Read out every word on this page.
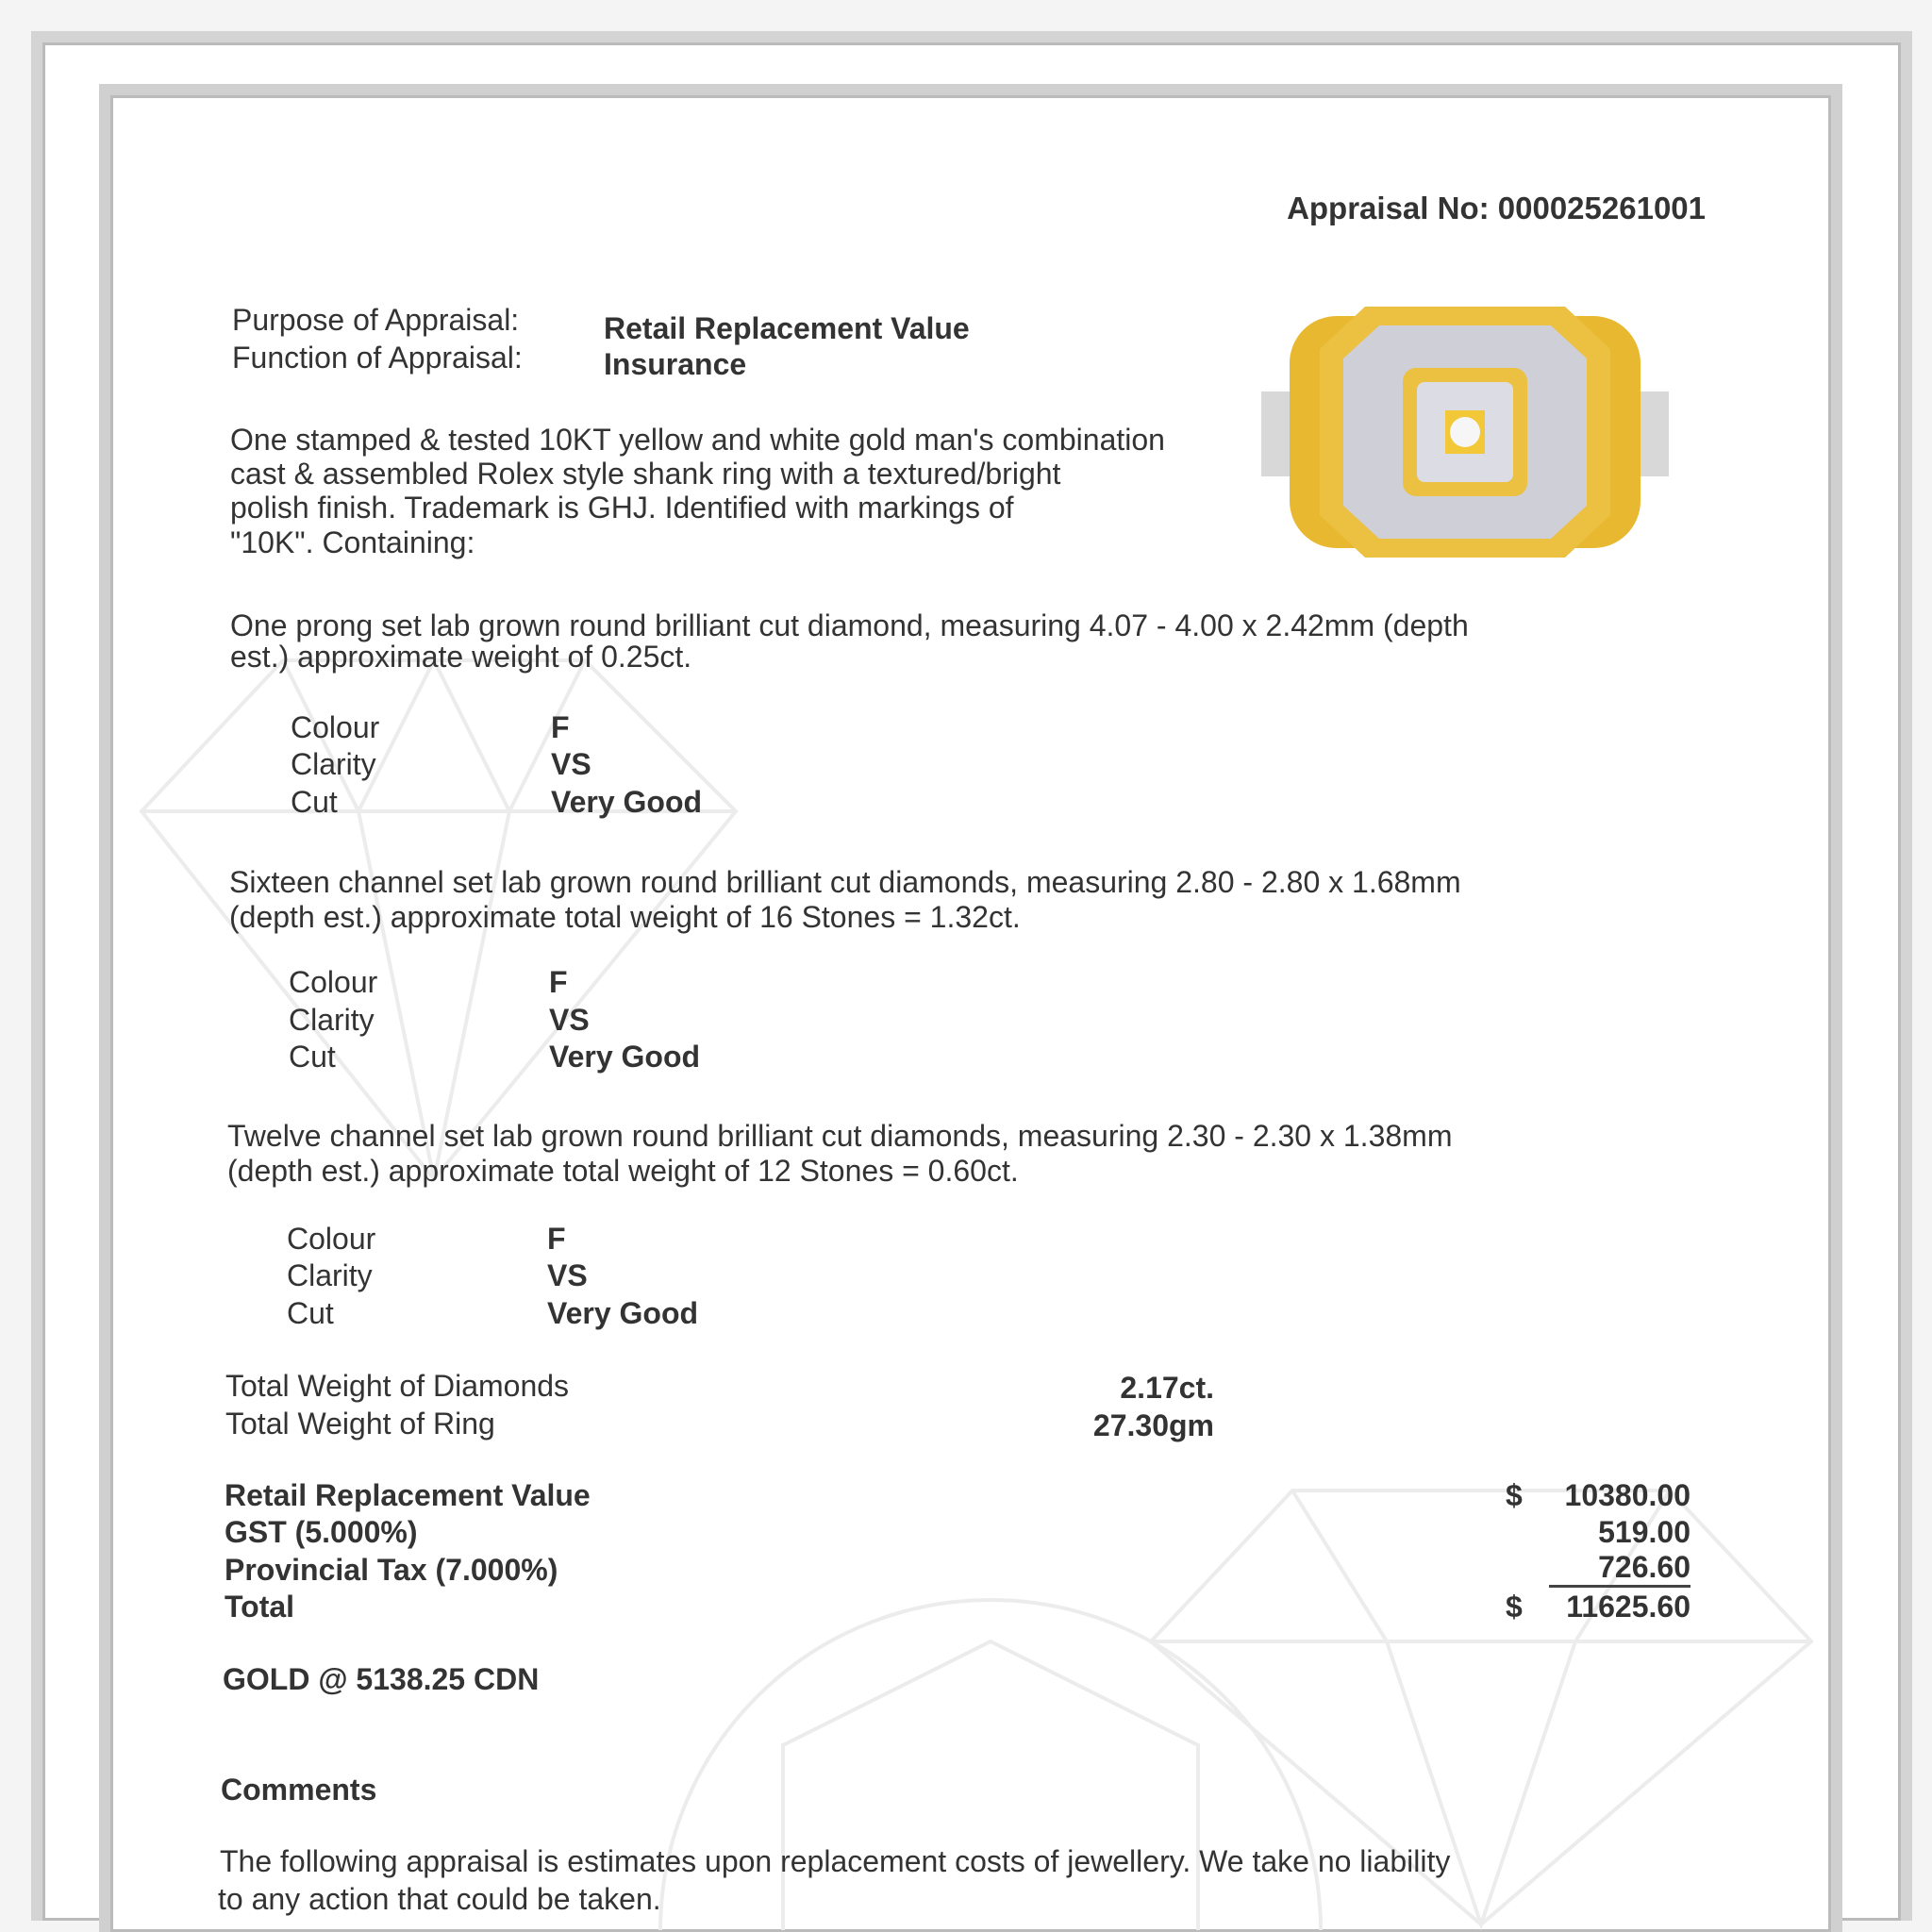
Appraisal No: 000025261001
Purpose of Appraisal:	Retail Replacement Value
Function of Appraisal:	Insurance
One stamped & tested 10KT yellow and white gold man's combination
cast & assembled Rolex style shank ring with a textured/bright
polish finish. Trademark is GHJ. Identified with markings of
"10K". Containing:
One prong set lab grown round brilliant cut diamond, measuring 4.07 - 4.00 x 2.42mm (depth
est.) approximate weight of 0.25ct.
Colour	F
Clarity	VS
Cut	Very Good
Sixteen channel set lab grown round brilliant cut diamonds, measuring 2.80 - 2.80 x 1.68mm
(depth est.) approximate total weight of 16 Stones = 1.32ct.
Colour	F
Clarity	VS
Cut	Very Good
Twelve channel set lab grown round brilliant cut diamonds, measuring 2.30 - 2.30 x 1.38mm
(depth est.) approximate total weight of 12 Stones = 0.60ct.
Colour	F
Clarity	VS
Cut	Very Good
Total Weight of Diamonds	2.17ct.
Total Weight of Ring	27.30gm
Retail Replacement Value	$ 10380.00
GST (5.000%)	519.00
Provincial Tax (7.000%)	726.60
Total	$ 11625.60
GOLD @ 5138.25 CDN
Comments
The following appraisal is estimates upon replacement costs of jewellery. We take no liability
to any action that could be taken.
